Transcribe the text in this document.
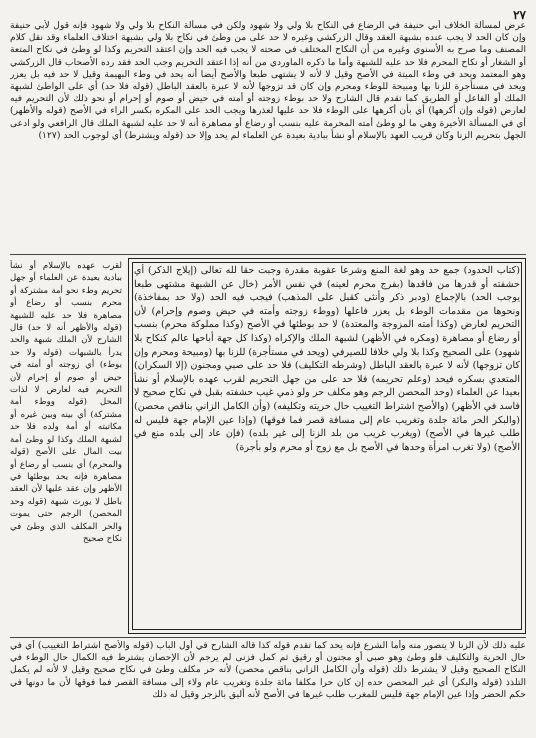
٢٧

عرض لمسألة الخلاف أبي حنيفة في الرضاع في النكاح بلا ولي ولا شهود ولكن في مسألة النكاح بلا ولي ولا شهود فإنه قول لأبي حنيفة وإن كان الحد لا يجب عنده بشبهة العقد وقال الزركشي وغيره لا حد على من وطئ في نكاح بلا ولي بشبهة اختلاف العلماء وقد نقل كلام المصنف وما صرح به الأسنوي وغيره من أن النكاح المختلف في صحته لا يجب فيه الحد وإن اعتقد التحريم وكذا لو وطئ في نكاح المتعة أو الشغار أو نكاح المحرم فلا حد عليه للشبهة وأما ما ذكره الماوردي من أنه إذا اعتقد التحريم وجب الحد فقد رده الأصحاب قال الزركشي وهو المعتمد ويحد في وطء الميتة في الأصح وقيل لا لأنه لا يشتهى طبعا والأصح أيضا أنه يحد في وطء البهيمة وقيل لا حد فيه بل يعزر ويحد في مستأجرة للزنا بها ومبيحة للوطء ومحرم وإن كان قد تزوجها لأنه لا عبرة بالعقد الباطل (قوله فلا حد) أي على الواطئ لشبهة الملك أو الفاعل أو الطريق كما تقدم قال الشارح ولا حد بوطء زوجته أو أمته في حيض أو صوم أو إحرام أو نحو ذلك لأن التحريم فيه لعارض (قوله وإن أكرهها) أي بأن أكرهها على الوطء فلا حد عليها لعذرها ويجب الحد على المكره بكسر الراء في الأصح (قوله والأظهر) أي في المسألة الأخيرة وهي ما لو وطئ أمته المحرمة عليه بنسب أو رضاع أو مصاهرة أنه لا حد عليه لشبهة الملك قال الرافعي ولو ادعى الجهل بتحريم الزنا وكان قريب العهد بالإسلام أو نشأ ببادية بعيدة عن العلماء لم يحد وإلا حد (قوله ويشترط) أي لوجوب الحد (١٢٧)

لقرب عهده بالإسلام أو نشأ ببادية بعيدة عن العلماء أو جهل تحريم وطء نحو أمة مشتركة أو محرم بنسب أو رضاع أو مصاهرة فلا حد عليه للشبهة (قوله والأظهر أنه لا حد) قال الشارح لأن الملك شبهة والحد يدرأ بالشبهات (قوله ولا حد بوطء) أي زوجته أو أمته في حيض أو صوم أو إحرام لأن التحريم فيه لعارض لا لذات المحل (قوله ووطء أمة مشتركة) أي بينه وبين غيره أو مكاتبته أو أمة ولده فلا حد لشبهة الملك وكذا لو وطئ أمة بيت المال على الأصح (قوله والمحرم) أي بنسب أو رضاع أو مصاهرة فإنه يحد بوطئها في الأظهر وإن عقد عليها لأن العقد باطل لا يورث شبهة (قوله وحد المحصن) الرجم حتى يموت والحر المكلف الذي وطئ في نكاح صحيح

(كتاب الحدود) جمع حد وهو لغة المنع وشرعا عقوبة مقدرة وجبت حقا لله تعالى (إيلاج الذكر) أي حشفته أو قدرها من فاقدها (بفرج محرم لعينه) في نفس الأمر (خال عن الشبهة مشتهى طبعا يوجب الحد) بالإجماع (ودبر ذكر وأنثى كقبل على المذهب) فيجب فيه الحد (ولا حد بمفاخذة) ونحوها من مقدمات الوطء بل يعزر فاعلها (ووطء زوجته وأمته في حيض وصوم وإحرام) لأن التحريم لعارض (وكذا أمته المزوجة والمعتدة) لا حد بوطئها في الأصح (وكذا مملوكة محرم) بنسب أو رضاع أو مصاهرة (ومكره في الأظهر) لشبهة الملك والإكراه (وكذا كل جهة أباحها عالم كنكاح بلا شهود) على الصحيح وكذا بلا ولي خلافا للصيرفي (ويحد في مستأجرة) للزنا بها (ومبيحة ومحرم وإن كان تزوجها) لأنه لا عبرة بالعقد الباطل (وشرطه التكليف) فلا حد على صبي ومجنون (إلا السكران) المتعدي بسكره فيحد (وعلم تحريمه) فلا حد على من جهل التحريم لقرب عهده بالإسلام أو نشأ بعيدا عن العلماء (وحد المحصن الرجم وهو مكلف حر ولو ذمي غيب حشفته بقبل في نكاح صحيح لا فاسد في الأظهر) (والأصح اشتراط التغييب حال حريته وتكليفه) (وأن الكامل الزاني بناقص محصن) (والبكر الحر مائة جلدة وتغريب عام إلى مسافة قصر فما فوقها) (وإذا عين الإمام جهة فليس له طلب غيرها في الأصح) (ويغرب غريب من بلد الزنا إلى غير بلده) (فإن عاد إلى بلده منع في الأصح) (ولا تغرب امرأة وحدها في الأصح بل مع زوج أو محرم ولو بأجرة)

عليه ذلك لأن الزنا لا يتصور منه وأما الشرع فإنه يحد كما تقدم قوله كذا قاله الشارح في أول الباب (قوله والأصح اشتراط التغييب) أي في حال الحرية والتكليف فلو وطئ وهو صبي أو مجنون أو رقيق ثم كمل فزنى لم يرجم لأن الإحصان يشترط فيه الكمال حال الوطء في النكاح الصحيح وقيل لا يشترط ذلك (قوله وأن الكامل الزاني بناقص محصن) لأنه حر مكلف وطئ في نكاح صحيح وقيل لا لأنه لم يكمل التلذذ (قوله والبكر) أي غير المحصن حده إن كان حرا مكلفا مائة جلدة وتغريب عام ولاء إلى مسافة القصر فما فوقها لأن ما دونها في حكم الحضر وإذا عين الإمام جهة فليس للمغرب طلب غيرها في الأصح لأنه أليق بالزجر وقيل له ذلك
